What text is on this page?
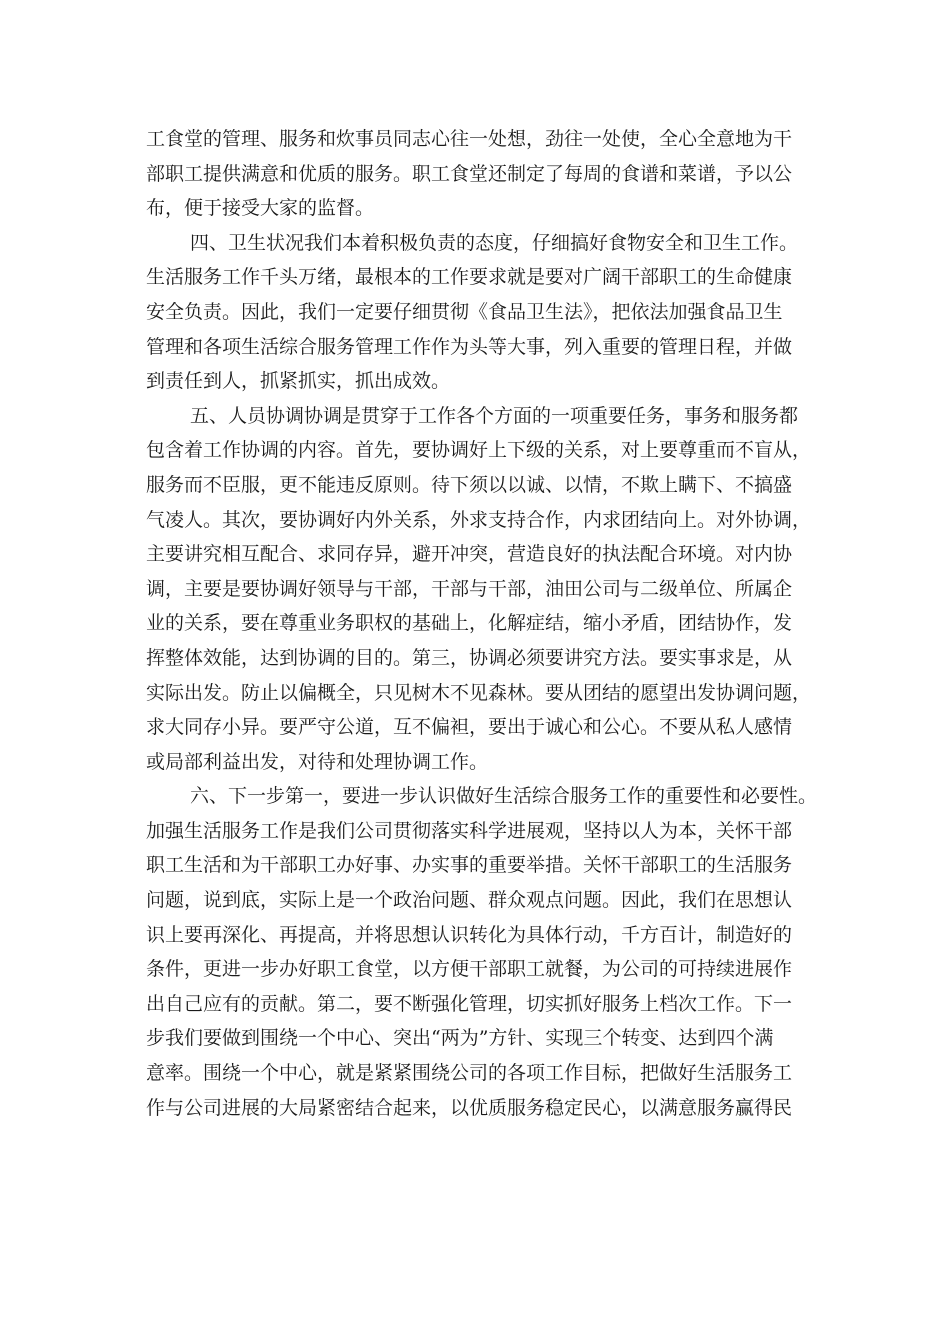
工食堂的管理、服务和炊事员同志心往一处想，劲往一处使，全心全意地为干
部职工提供满意和优质的服务。职工食堂还制定了每周的食谱和菜谱，予以公
布，便于接受大家的监督。
四、卫生状况我们本着积极负责的态度，仔细搞好食物安全和卫生工作。
生活服务工作千头万绪，最根本的工作要求就是要对广阔干部职工的生命健康
安全负责。因此，我们一定要仔细贯彻《食品卫生法》，把依法加强食品卫生
管理和各项生活综合服务管理工作作为头等大事，列入重要的管理日程，并做
到责任到人，抓紧抓实，抓出成效。
五、人员协调协调是贯穿于工作各个方面的一项重要任务，事务和服务都
包含着工作协调的内容。首先，要协调好上下级的关系，对上要尊重而不盲从，
服务而不臣服，更不能违反原则。待下须以以诚、以情，不欺上瞒下、不搞盛
气凌人。其次，要协调好内外关系，外求支持合作，内求团结向上。对外协调，
主要讲究相互配合、求同存异，避开冲突，营造良好的执法配合环境。对内协
调，主要是要协调好领导与干部，干部与干部，油田公司与二级单位、所属企
业的关系，要在尊重业务职权的基础上，化解症结，缩小矛盾，团结协作，发
挥整体效能，达到协调的目的。第三，协调必须要讲究方法。要实事求是，从
实际出发。防止以偏概全，只见树木不见森林。要从团结的愿望出发协调问题，
求大同存小异。要严守公道，互不偏袒，要出于诚心和公心。不要从私人感情
或局部利益出发，对待和处理协调工作。
六、下一步第一，要进一步认识做好生活综合服务工作的重要性和必要性。
加强生活服务工作是我们公司贯彻落实科学进展观，坚持以人为本，关怀干部
职工生活和为干部职工办好事、办实事的重要举措。关怀干部职工的生活服务
问题，说到底，实际上是一个政治问题、群众观点问题。因此，我们在思想认
识上要再深化、再提高，并将思想认识转化为具体行动，千方百计，制造好的
条件，更进一步办好职工食堂，以方便干部职工就餐，为公司的可持续进展作
出自己应有的贡献。第二，要不断强化管理，切实抓好服务上档次工作。下一
步我们要做到围绕一个中心、突出“两为”方针、实现三个转变、达到四个满
意率。围绕一个中心，就是紧紧围绕公司的各项工作目标，把做好生活服务工
作与公司进展的大局紧密结合起来，以优质服务稳定民心，以满意服务赢得民
